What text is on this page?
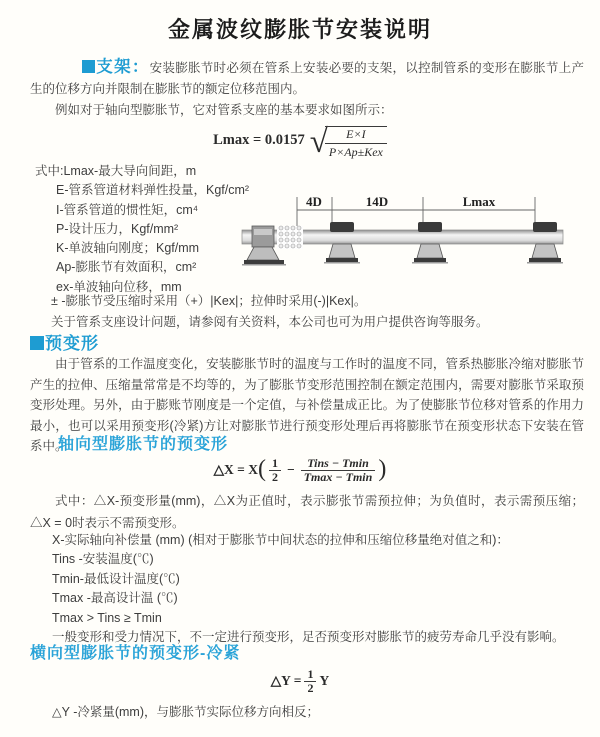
金属波纹膨胀节安装说明

支架：安装膨胀节时必须在管系上安装必要的支架，以控制管系的变形在膨胀节上产生的位移方向并限制在膨胀节的额定位移范围内。

例如对于轴向型膨胀节，它对管系支座的基本要求如图所示：

Lmax = 0.0157 √
$\frac{E\times I}{\text{P×Ap±Kex}}$
式中:Lmax-最大导向间距，m
E-管系管道材料弹性投量，Kgf/cm²
I-管系管道的惯性矩，cm⁴
P-设计压力，Kgf/mm²
K-单波轴向刚度；Kgf/mm
Ap-膨胀节有效面积，cm²
ex-单波轴向位移，mm
± -膨胀节受压缩时采用（+）|Kex|；拉伸时采用(-)|Kex|。
关于管系支座设计问题，请参阅有关资料，本公司也可为用户提供咨询等服务。
4D	14D	Lmax
预变形

由于管系的工作温度变化，安装膨胀节时的温度与工作时的温度不同，管系热膨胀冷缩对膨胀节产生的拉伸、压缩量常常是不均等的，为了膨胀节变形范围控制在额定范围内，需要对膨胀节采取预变形处理。另外，由于膨账节刚度是一个定值，与补偿量成正比。为了使膨胀节位移对管系的作用力最小，也可以采用预变形(冷紧)方让对膨胀节进行预变形处理后再将膨胀节在预变形状态下安装在管系中。

轴向型膨胀节的预变形
△X = X ( $\frac{1}{2} - \frac{\text{Tins − Tmin}}{Tmax - Tmin}$ )

式中：△X-预变形量(mm)，△X为正值时，表示膨张节需预拉伸；为负值时，表示需预压缩；△X = 0时表示不需预变形。

X-实际轴向补偿量 (mm) (相对于膨胀节中间状态的拉伸和压缩位移量绝对值之和)：
Tins -安装温度(℃)
Tmin-最低设计温度(℃)
Tmax -最高设计温 (℃)
Tmax > Tins ≥ Tmin
一般变形和受力情况下，不一定进行预变形，足否预变形对膨胀节的疲劳寿命几乎没有影响。
横向型膨胀节的预变形-冷紧
△Y = $\frac{1}{2}$ Y
△Y -冷紧量(mm)，与膨胀节实际位移方向相反；
